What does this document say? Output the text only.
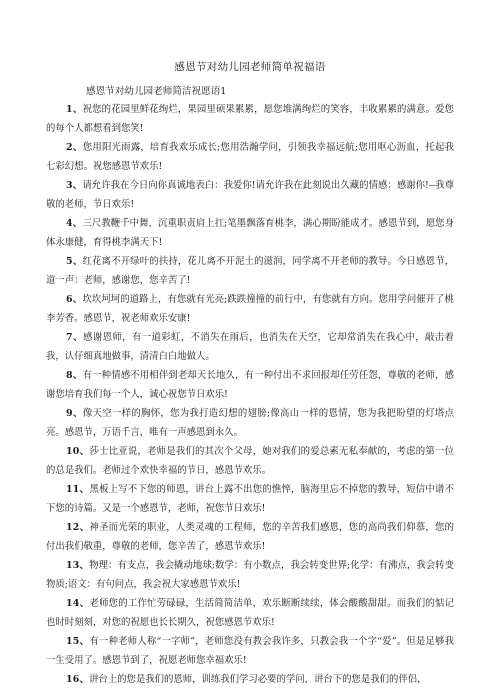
感恩节对幼儿园老师简单祝福语

感恩节对幼儿园老师简洁祝愿语1

1、祝您的花园里鲜花绚烂，果园里硕果累累，愿您堆满绚烂的笑容，丰收累累的满意。爱您的每个人都想看到您笑!

2、您用阳光雨露，培育我欢乐成长;您用浩瀚学问，引领我幸福远航;您用呕心沥血，托起我七彩幻想。祝您感恩节欢乐!

3、请允许我在今日向你真诚地表白：我爱你!请允许我在此刻说出久藏的情感：感谢你!--我尊敬的老师，节日欢乐!

4、三尺教鞭千中舞，沉重职责肩上扛;笔墨飘落育桃李，满心期盼能成才。感恩节到，愿您身体永康健，育得桃李满天下!

5、红花离不开绿叶的扶持，花儿离不开泥土的滋润，同学离不开老师的教导。今日感恩节，道一声：老师，感谢您，您辛苦了!

6、坎坎坷坷的道路上，有您就有光亮;跌跌撞撞的前行中，有您就有方向。您用学问催开了桃李芳香。感恩节，祝老师欢乐安康!

7、感谢恩师，有一道彩虹，不消失在雨后，也消失在天空，它却常消失在我心中，敲击着我，认仔细真地做事，清清白白地做人。

8、有一种情感不用相伴到老却天长地久，有一种付出不求回报却任劳任怨，尊敬的老师，感谢您培育我们每一个人，诚心祝您节日欢乐!

9、像天空一样的胸怀，您为我打造幻想的翅膀;像高山一样的恩情，您为我把盼望的灯塔点亮。感恩节，万语千言，唯有一声感恩到永久。

10、莎士比亚说，老师是我们的其次个父母，她对我们的爱总素无私奉献的，考虑的第一位的总是我们。老师过个欢快幸福的节日，感恩节欢乐。

11、黑板上写不下您的师恩，讲台上露不出您的憔悴，脑海里忘不掉您的教导，短信中谱不下您的诗篇。又是一个感恩节，老师，祝您节日欢乐!

12、神圣而光荣的职业，人类灵魂的工程师，您的辛苦我们感恩，您的高尚我们仰慕，您的付出我们敬重，尊敬的老师，您辛苦了，感恩节欢乐!

13、物理：有支点，我会撬动地球;数学：有小数点，我会转变世界;化学：有沸点，我会转变物质;语文：有句问点，我会祝大家感恩节欢乐!

14、老师您的工作忙劳碌碌，生活简简洁单，欢乐断断续续，体会酸酸甜甜。而我们的惦记也时时刻刻，对您的祝愿也长长期久，祝您感恩节欢乐!

15、有一种老师人称“一字师”，老师您没有教会我许多，只教会我一个字“爱”。但是足够我一生受用了。感恩节到了，祝愿老师您幸福欢乐!

16、讲台上的您是我们的恩师，训练我们学习必要的学问，讲台下的您是我们的伴侣，
